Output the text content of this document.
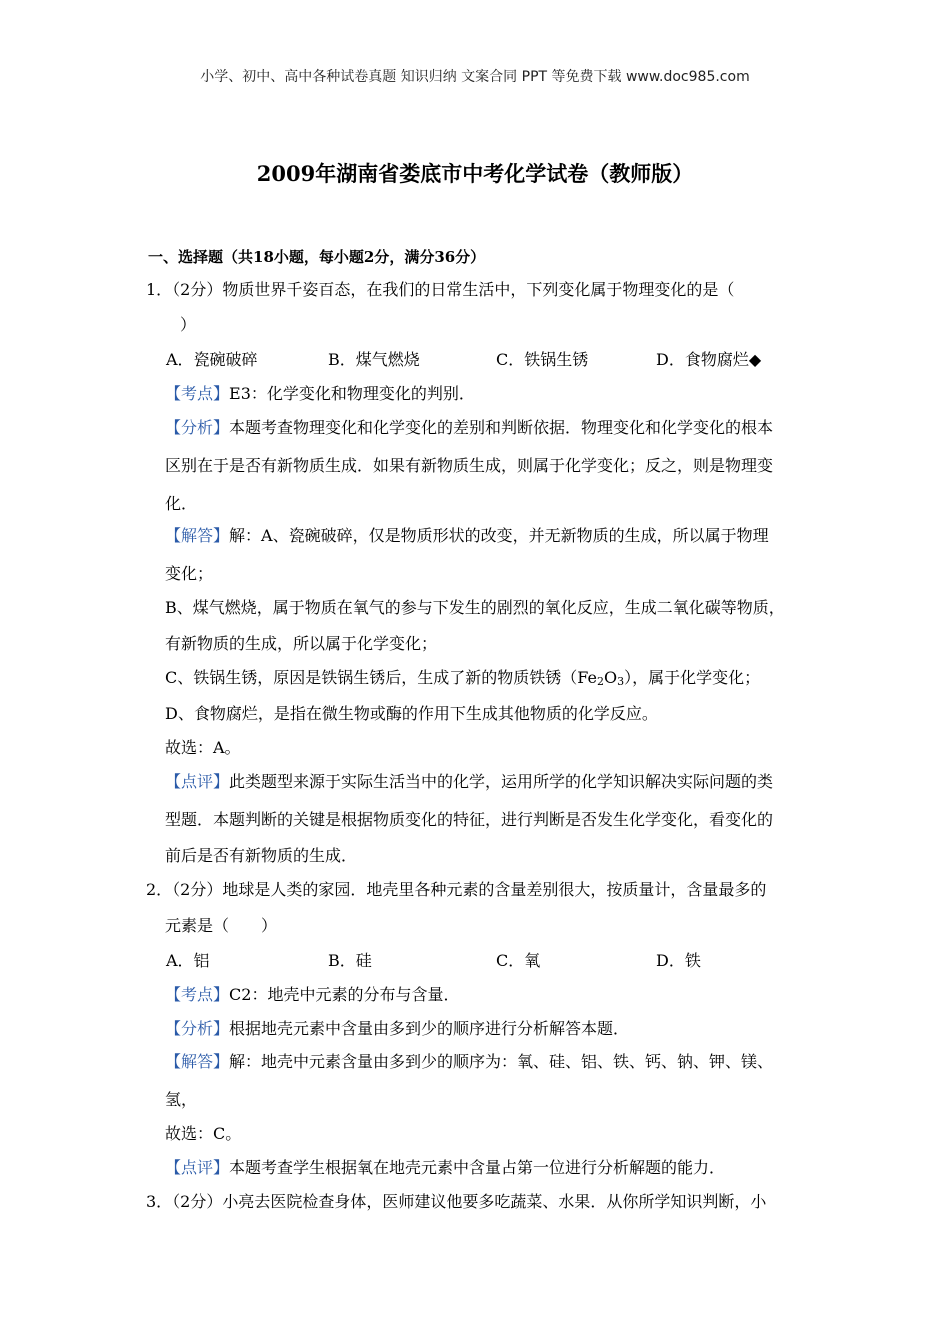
小学、初中、高中各种试卷真题 知识归纳 文案合同 PPT 等免费下载 www.doc985.com
2009年湖南省娄底市中考化学试卷（教师版）
一、选择题（共18小题，每小题2分，满分36分）
1．（2分）物质世界千姿百态，在我们的日常生活中，下列变化属于物理变化的是（
）
A．瓷碗破碎	B．煤气燃烧	C．铁锅生锈	D．食物腐烂◆
【考点】E3：化学变化和物理变化的判别．
【分析】本题考查物理变化和化学变化的差别和判断依据．物理变化和化学变化的根本
区别在于是否有新物质生成．如果有新物质生成，则属于化学变化；反之，则是物理变
化．
【解答】解：A、瓷碗破碎，仅是物质形状的改变，并无新物质的生成，所以属于物理
变化；
B、煤气燃烧，属于物质在氧气的参与下发生的剧烈的氧化反应，生成二氧化碳等物质，
有新物质的生成，所以属于化学变化；
C、铁锅生锈，原因是铁锅生锈后，生成了新的物质铁锈$(Fe_2O_3)$，属于化学变化；
D、食物腐烂，是指在微生物或酶的作用下生成其他物质的化学反应。
故选：A。
【点评】此类题型来源于实际生活当中的化学，运用所学的化学知识解决实际问题的类
型题．本题判断的关键是根据物质变化的特征，进行判断是否发生化学变化，看变化的
前后是否有新物质的生成．
2．（2分）地球是人类的家园．地壳里各种元素的含量差别很大，按质量计，含量最多的
元素是（　　）
A．铝	B．硅	C．氧	D．铁
【考点】C2：地壳中元素的分布与含量．
【分析】根据地壳元素中含量由多到少的顺序进行分析解答本题．
【解答】解：地壳中元素含量由多到少的顺序为：氧、硅、铝、铁、钙、钠、钾、镁、
氢，
故选：C。
【点评】本题考查学生根据氧在地壳元素中含量占第一位进行分析解题的能力．
3．（2分）小亮去医院检查身体，医师建议他要多吃蔬菜、水果．从你所学知识判断，小
